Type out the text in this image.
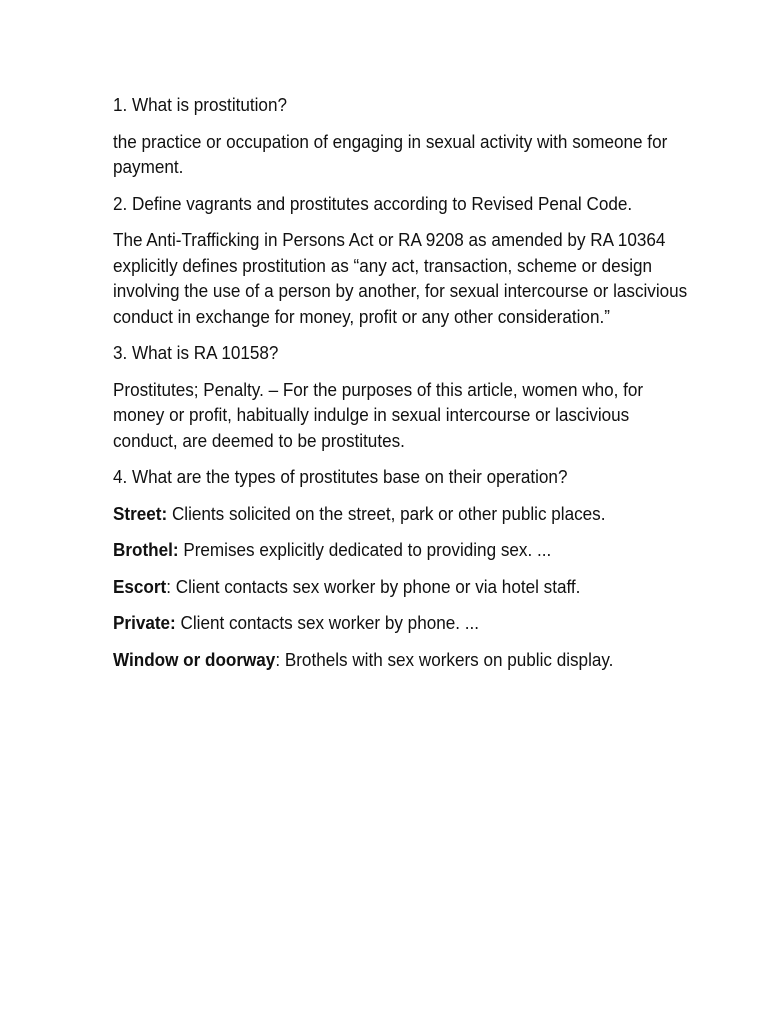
1. What is prostitution?

the practice or occupation of engaging in sexual activity with someone for payment.

2. Define vagrants and prostitutes according to Revised Penal Code.

The Anti-Trafficking in Persons Act or RA 9208 as amended by RA 10364 explicitly defines prostitution as “any act, transaction, scheme or design involving the use of a person by another, for sexual intercourse or lascivious conduct in exchange for money, profit or any other consideration.”

3. What is RA 10158?

Prostitutes; Penalty. – For the purposes of this article, women who, for money or profit, habitually indulge in sexual intercourse or lascivious conduct, are deemed to be prostitutes.

4. What are the types of prostitutes base on their operation?

Street: Clients solicited on the street, park or other public places.

Brothel: Premises explicitly dedicated to providing sex. ...

Escort: Client contacts sex worker by phone or via hotel staff.

Private: Client contacts sex worker by phone. ...

Window or doorway: Brothels with sex workers on public display.
